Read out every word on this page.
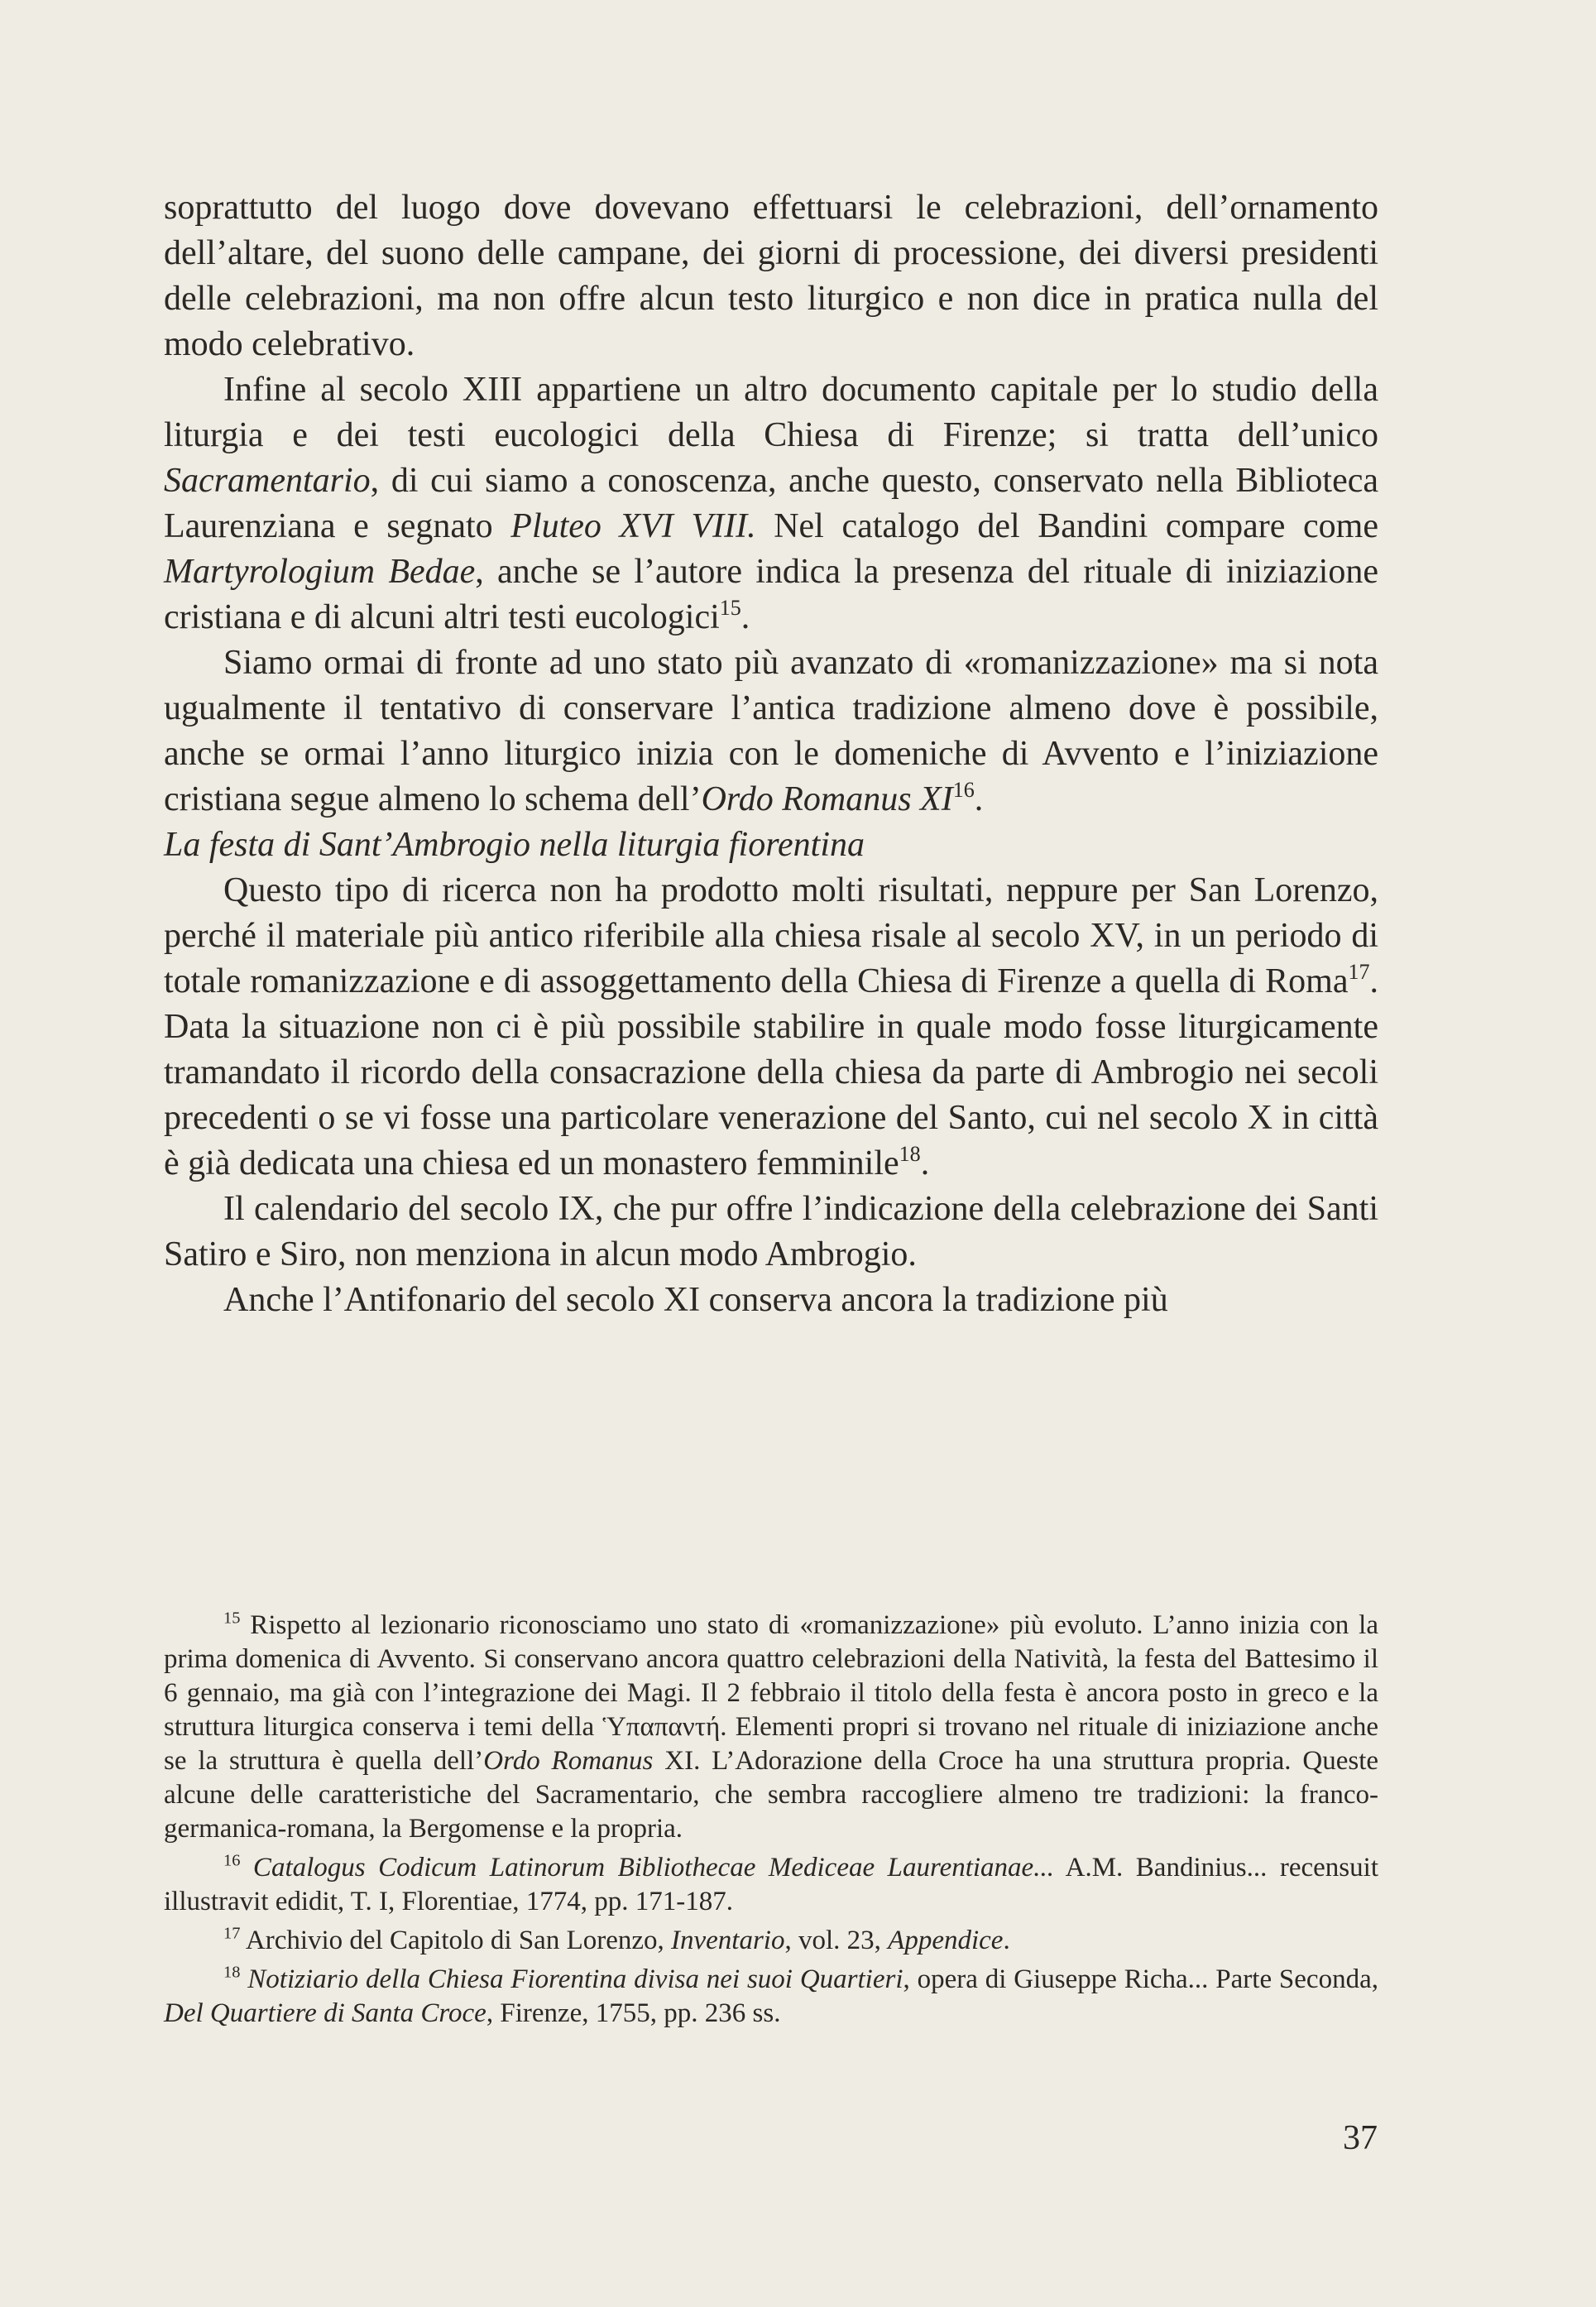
soprattutto del luogo dove dovevano effettuarsi le celebrazioni, dell’ornamento dell’altare, del suono delle campane, dei giorni di processione, dei diversi presidenti delle celebrazioni, ma non offre alcun testo liturgico e non dice in pratica nulla del modo celebrativo.

Infine al secolo XIII appartiene un altro documento capitale per lo studio della liturgia e dei testi eucologici della Chiesa di Firenze; si tratta dell’unico Sacramentario, di cui siamo a conoscenza, anche questo, conservato nella Biblioteca Laurenziana e segnato Pluteo XVI VIII. Nel catalogo del Bandini compare come Martyrologium Bedae, anche se l’autore indica la presenza del rituale di iniziazione cristiana e di alcuni altri testi eucologici$^{15}$.

Siamo ormai di fronte ad uno stato più avanzato di «romanizzazione» ma si nota ugualmente il tentativo di conservare l’antica tradizione almeno dove è possibile, anche se ormai l’anno liturgico inizia con le domeniche di Avvento e l’iniziazione cristiana segue almeno lo schema dell’Ordo Romanus XI$^{16}$.

La festa di Sant’Ambrogio nella liturgia fiorentina

Questo tipo di ricerca non ha prodotto molti risultati, neppure per San Lorenzo, perché il materiale più antico riferibile alla chiesa risale al secolo XV, in un periodo di totale romanizzazione e di assoggettamento della Chiesa di Firenze a quella di Roma$^{17}$. Data la situazione non ci è più possibile stabilire in quale modo fosse liturgicamente tramandato il ricordo della consacrazione della chiesa da parte di Ambrogio nei secoli precedenti o se vi fosse una particolare venerazione del Santo, cui nel secolo X in città è già dedicata una chiesa ed un monastero femminile$^{18}$.

Il calendario del secolo IX, che pur offre l’indicazione della celebrazione dei Santi Satiro e Siro, non menziona in alcun modo Ambrogio.

Anche l’Antifonario del secolo XI conserva ancora la tradizione più

$^{15}$ Rispetto al lezionario riconosciamo uno stato di «romanizzazione» più evoluto. L’anno inizia con la prima domenica di Avvento. Si conservano ancora quattro celebrazioni della Natività, la festa del Battesimo il 6 gennaio, ma già con l’integrazione dei Magi. Il 2 febbraio il titolo della festa è ancora posto in greco e la struttura liturgica conserva i temi della Ὑπαπαντή. Elementi propri si trovano nel rituale di iniziazione anche se la struttura è quella dell’Ordo Romanus XI. L’Adorazione della Croce ha una struttura propria. Queste alcune delle caratteristiche del Sacramentario, che sembra raccogliere almeno tre tradizioni: la franco-germanica-romana, la Bergomense e la propria.

$^{16}$ Catalogus Codicum Latinorum Bibliothecae Mediceae Laurentianae... A.M. Bandinius... recensuit illustravit edidit, T. I, Florentiae, 1774, pp. 171-187.

$^{17}$ Archivio del Capitolo di San Lorenzo, Inventario, vol. 23, Appendice.

$^{18}$ Notiziario della Chiesa Fiorentina divisa nei suoi Quartieri, opera di Giuseppe Richa... Parte Seconda, Del Quartiere di Santa Croce, Firenze, 1755, pp. 236 ss.

37
